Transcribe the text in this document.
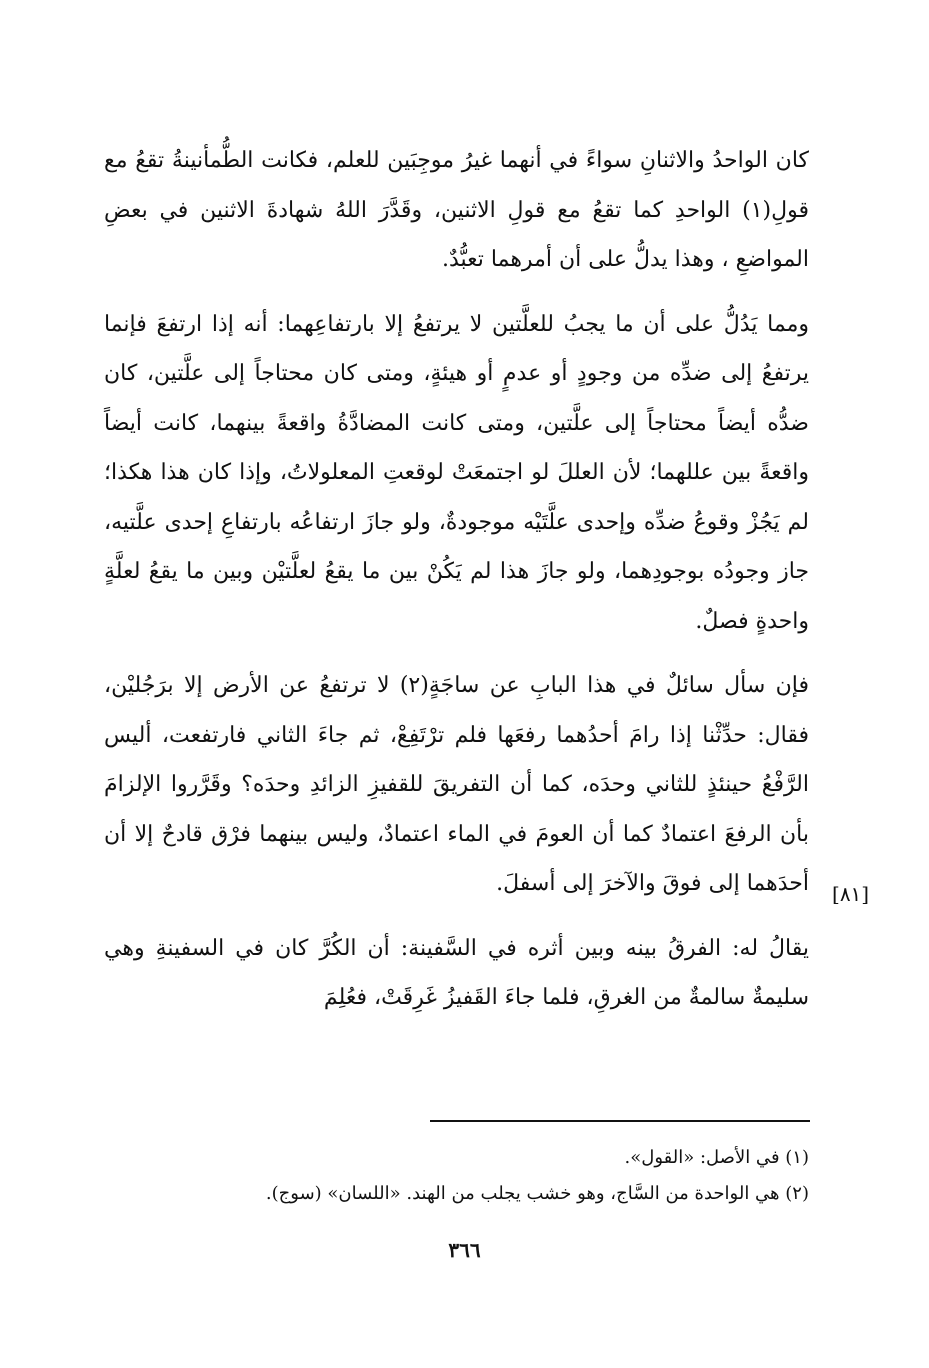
كان الواحدُ والاثنانِ سواءً في أنهما غيرُ موجِبَين للعلم، فكانت الطُّمأنينةُ تقعُ مع قولِ(١) الواحدِ كما تقعُ مع قولِ الاثنين، وقَدَّرَ اللهُ شهادةَ الاثنين في بعضِ المواضعِ ، وهذا يدلُّ على أن أمرهما تعبُّدٌ.

ومما يَدُلُّ على أن ما يجبُ للعلَّتين لا يرتفعُ إلا بارتفاعِهما: أنه إذا ارتفعَ فإنما يرتفعُ إلى ضدِّه من وجودٍ أو عدمٍ أو هيئةٍ، ومتى كان محتاجاً إلى علَّتين، كان ضدُّه أيضاً محتاجاً إلى علَّتين، ومتى كانت المضادَّةُ واقعةً بينهما، كانت أيضاً واقعةً بين عللهما؛ لأن العللَ لو اجتمعَتْ لوقعتِ المعلولاتُ، وإذا كان هذا هكذا؛ لم يَجُزْ وقوعُ ضدِّه وإحدى علَّتَيْه موجودةٌ، ولو جازَ ارتفاعُه بارتفاعِ إحدى علَّتيه، جاز وجودُه بوجودِهما، ولو جازَ هذا لم يَكُنْ بين ما يقعُ لعلَّتيْن وبين ما يقعُ لعلَّةٍ واحدةٍ فصلٌ.

فإن سأل سائلٌ في هذا البابِ عن ساجَةٍ(٢) لا ترتفعُ عن الأرض إلا برَجُليْن، فقال: حدِّثْنا إذا رامَ أحدُهما رفعَها فلم ترْتَفِعْ، ثم جاءَ الثاني فارتفعت، أليس الرَّفْعُ حينئذٍ للثاني وحدَه، كما أن التفريقَ للقفيزِ الزائدِ وحدَه؟ وقَرَّروا الإلزامَ بأن الرفعَ اعتمادٌ كما أن العومَ في الماء اعتمادٌ، وليس بينهما فرْق قادحٌ إلا أن أحدَهما إلى فوقَ والآخرَ إلى أسفلَ.

يقالُ له: الفرقُ بينه وبين أثره في السَّفينة: أن الكُرَّ كان في السفينةِ وهي سليمةٌ سالمةٌ من الغرقِ، فلما جاءَ القَفيزُ غَرِقَتْ، فعُلِمَ

[٨١]

(١) في الأصل: «القول».

(٢) هي الواحدة من السَّاج، وهو خشب يجلب من الهند. «اللسان» (سوج).

٣٦٦
